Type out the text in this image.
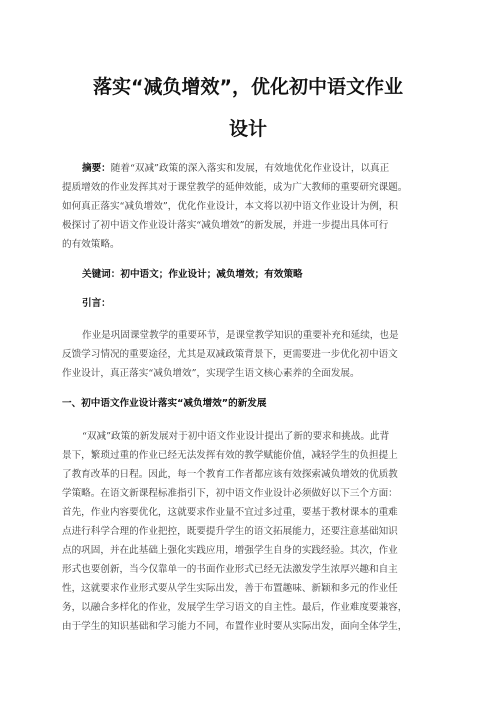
落实“减负增效”，优化初中语文作业
设计
摘要：随着“双减”政策的深入落实和发展，有效地优化作业设计，以真正
提质增效的作业发挥其对于课堂教学的延伸效能，成为广大教师的重要研究课题。
如何真正落实“减负增效”，优化作业设计，本文将以初中语文作业设计为例，积
极探讨了初中语文作业设计落实“减负增效”的新发展，并进一步提出具体可行
的有效策略。
关键词：初中语文；作业设计；减负增效；有效策略
引言：
作业是巩固课堂教学的重要环节，是课堂教学知识的重要补充和延续，也是
反馈学习情况的重要途径，尤其是双减政策背景下，更需要进一步优化初中语文
作业设计，真正落实“减负增效”，实现学生语文核心素养的全面发展。
一、初中语文作业设计落实“减负增效”的新发展
“双减”政策的新发展对于初中语文作业设计提出了新的要求和挑战。此背
景下，繁琐过重的作业已经无法发挥有效的教学赋能价值，减轻学生的负担提上
了教育改革的日程。因此，每一个教育工作者都应该有效探索减负增效的优质教
学策略。在语文新课程标准指引下，初中语文作业设计必须做好以下三个方面：
首先，作业内容要优化，这就要求作业量不宜过多过重，要基于教材课本的重难
点进行科学合理的作业把控，既要提升学生的语文拓展能力，还要注意基础知识
点的巩固，并在此基础上强化实践应用，增强学生自身的实践经验。其次，作业
形式也要创新，当今仅靠单一的书面作业形式已经无法激发学生浓厚兴趣和自主
性，这就要求作业形式要从学生实际出发，善于布置趣味、新颖和多元的作业任
务，以融合多样化的作业，发展学生学习语文的自主性。最后，作业难度要兼容，
由于学生的知识基础和学习能力不同，布置作业时要从实际出发，面向全体学生，
